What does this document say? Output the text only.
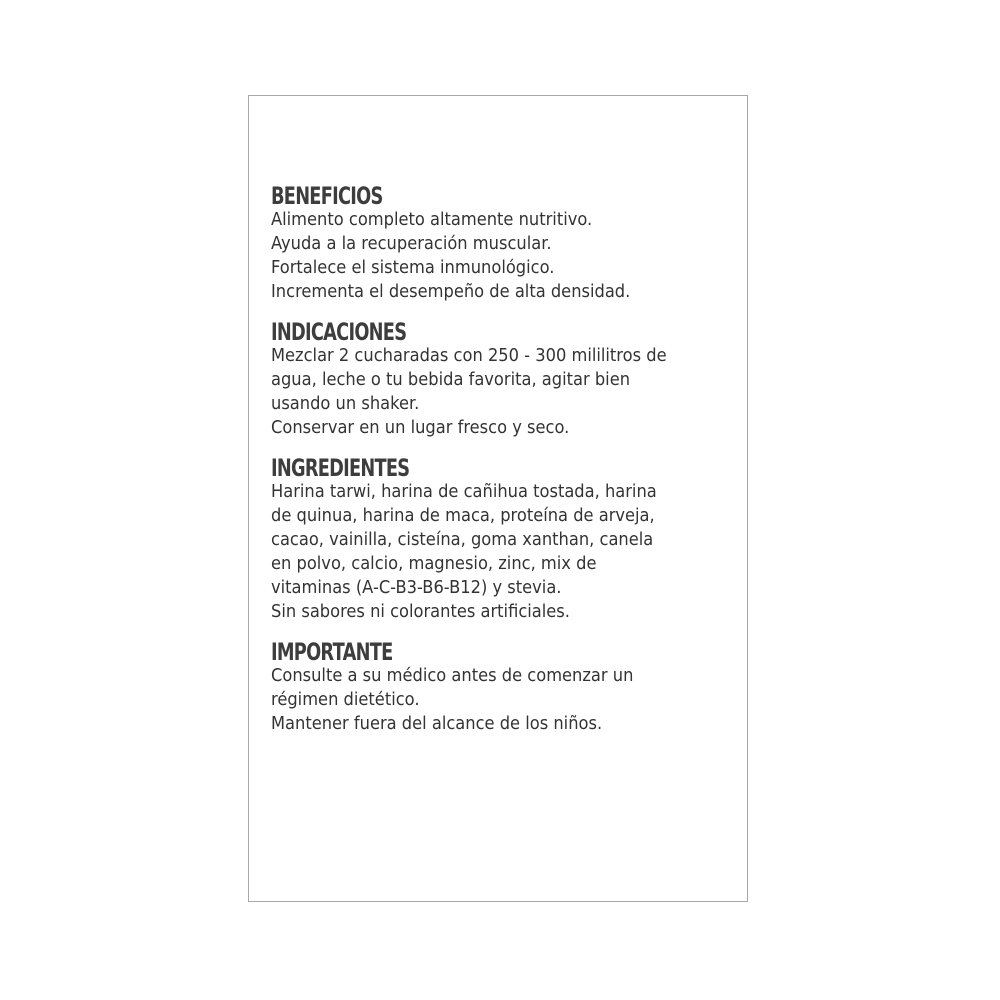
BENEFICIOS
Alimento completo altamente nutritivo.
Ayuda a la recuperación muscular.
Fortalece el sistema inmunológico.
Incrementa el desempeño de alta densidad.
INDICACIONES
Mezclar 2 cucharadas con 250 - 300 mililitros de
agua, leche o tu bebida favorita, agitar bien
usando un shaker.
Conservar en un lugar fresco y seco.
INGREDIENTES
Harina tarwi, harina de cañihua tostada, harina
de quinua, harina de maca, proteína de arveja,
cacao, vainilla, cisteína, goma xanthan, canela
en polvo, calcio, magnesio, zinc, mix de
vitaminas (A-C-B3-B6-B12) y stevia.
Sin sabores ni colorantes artificiales.
IMPORTANTE
Consulte a su médico antes de comenzar un
régimen dietético.
Mantener fuera del alcance de los niños.
